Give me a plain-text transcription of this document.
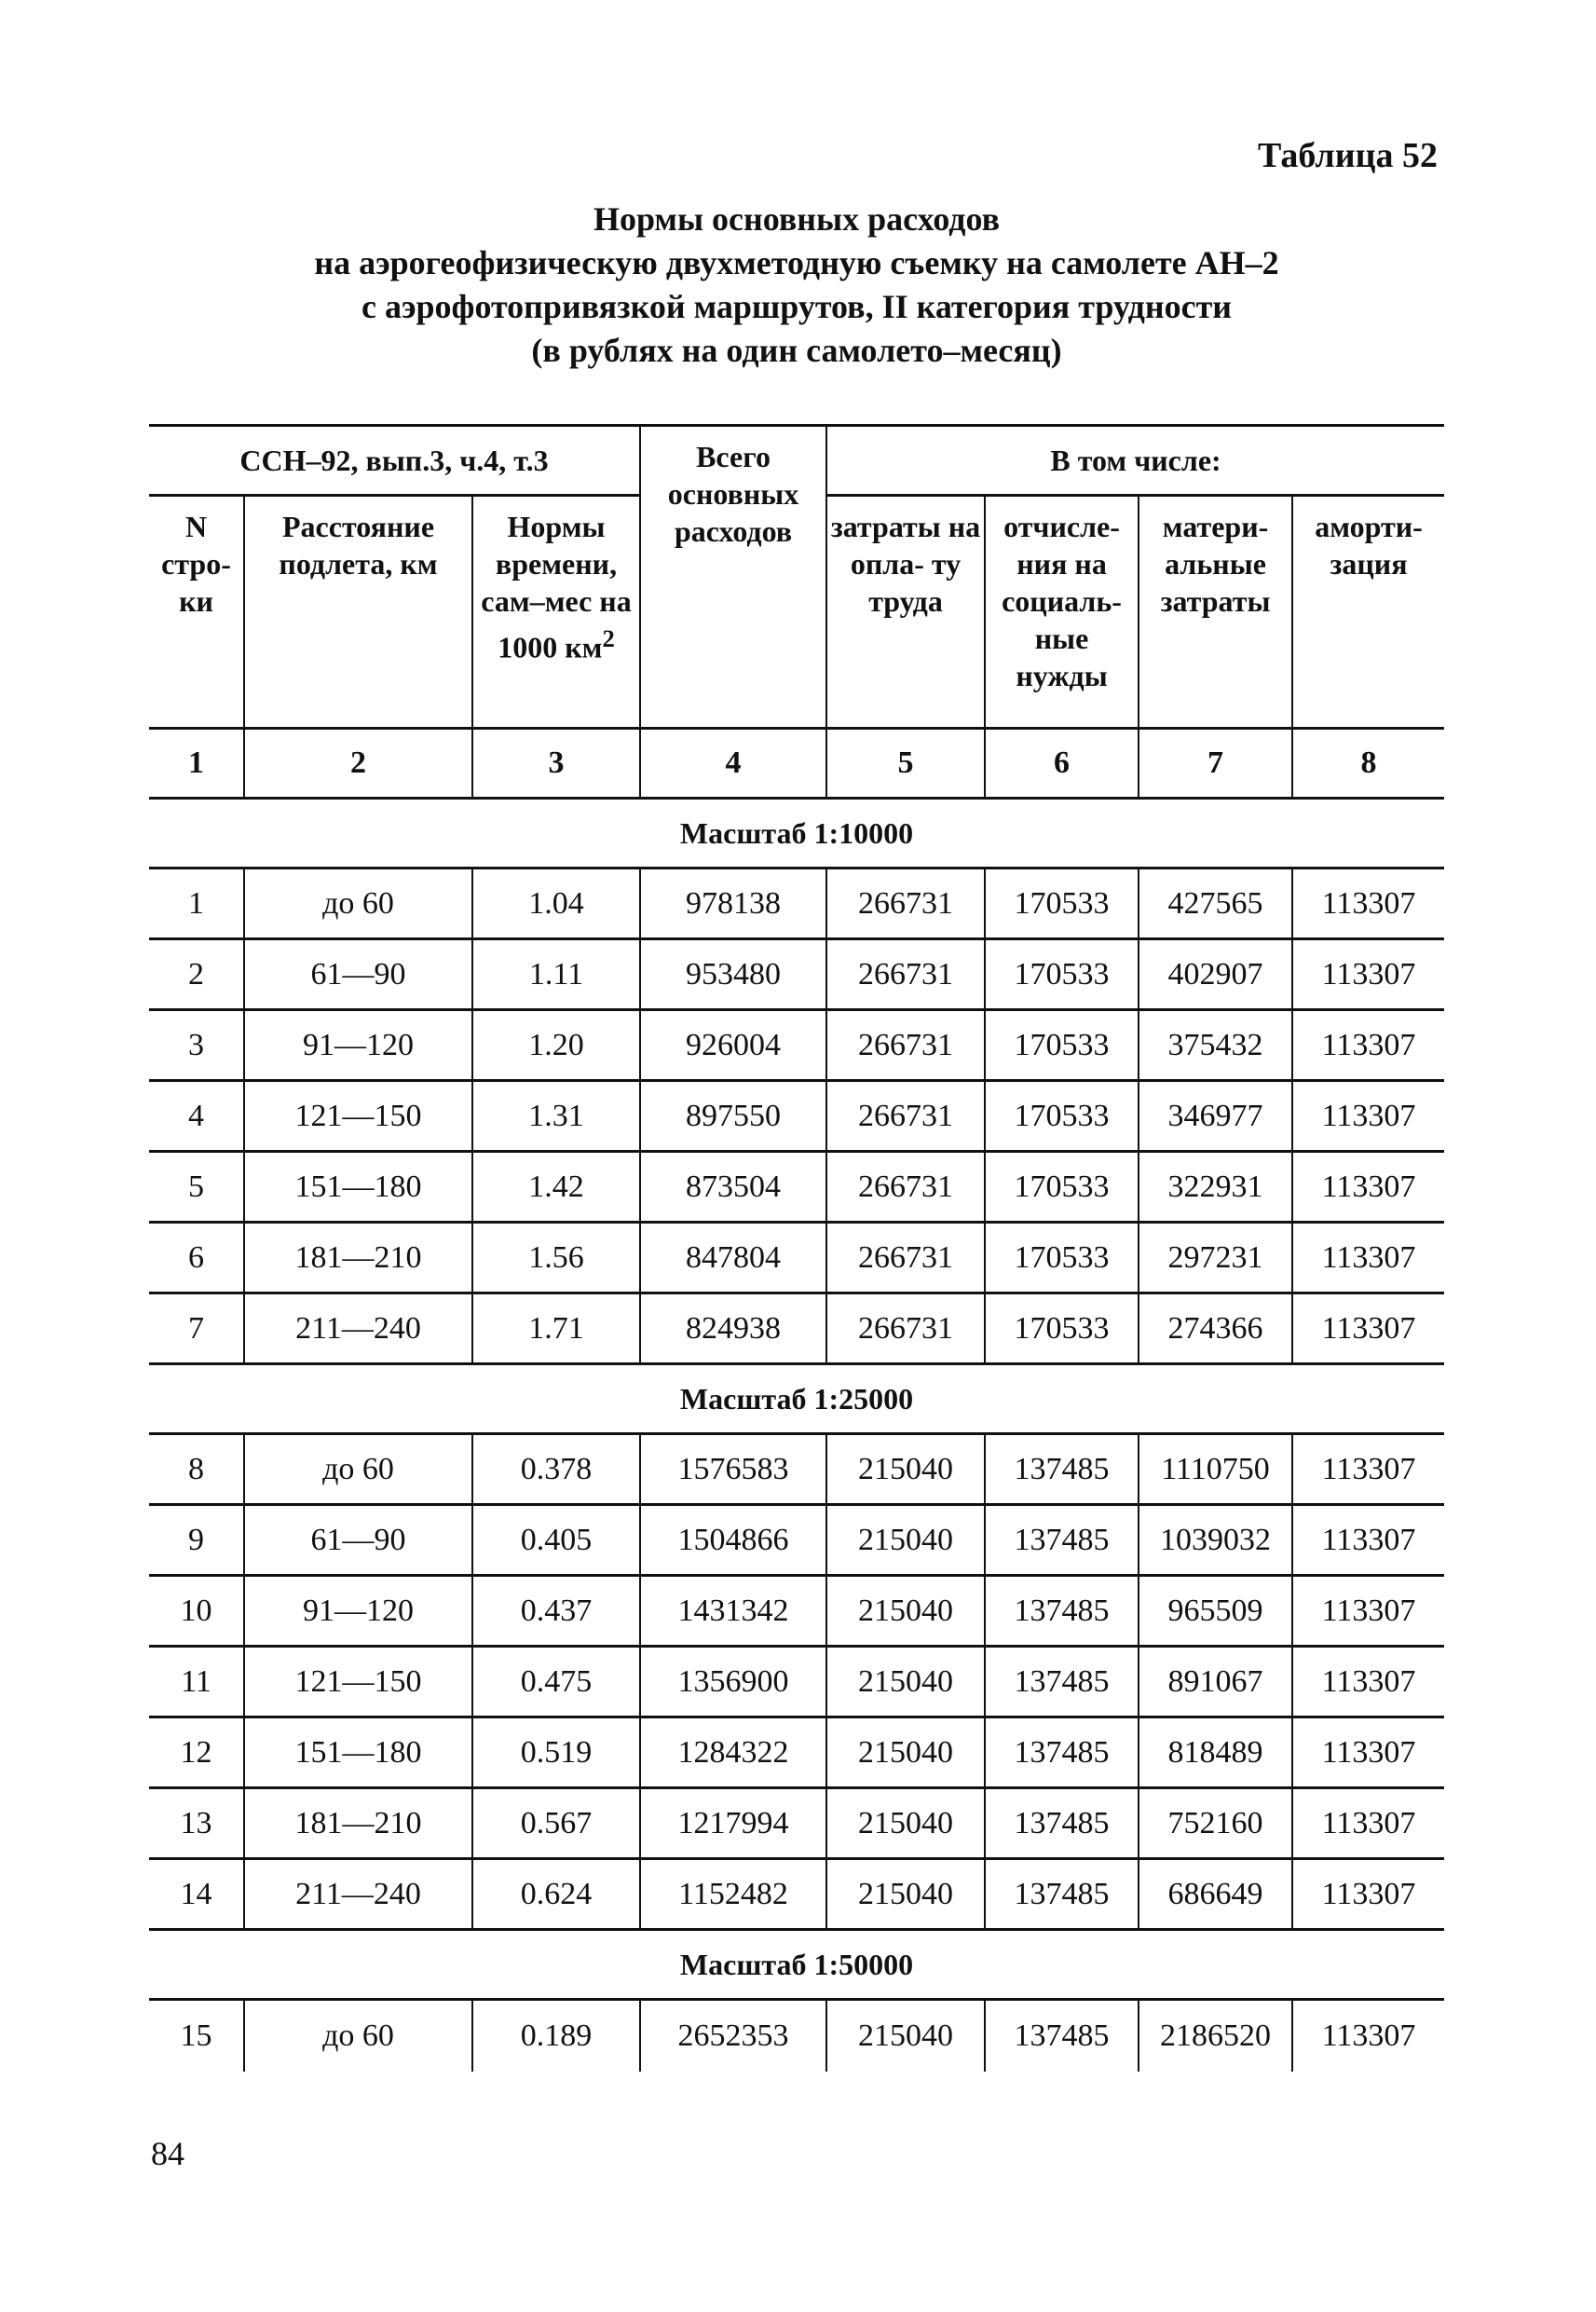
Таблица 52
Нормы основных расходов
на аэрогеофизическую двухметодную съемку на самолете АН–2
с аэрофотопривязкой маршрутов, II категория трудности
(в рублях на один самолето–месяц)
ССН–92, вып.3, ч.4, т.3			Всего основных расходов	В том числе:			
N стро- ки	Расстояние подлета, км	Нормы времени, сам–мес на 1000 $км^2$		затраты на опла- ту труда	отчисле- ния на социаль- ные нужды	матери- альные затраты	аморти- зация
1	2	3	4	5	6	7	8
Масштаб 1:10000							
1	до 60	1.04	978138	266731	170533	427565	113307
2	61—90	1.11	953480	266731	170533	402907	113307
3	91—120	1.20	926004	266731	170533	375432	113307
4	121—150	1.31	897550	266731	170533	346977	113307
5	151—180	1.42	873504	266731	170533	322931	113307
6	181—210	1.56	847804	266731	170533	297231	113307
7	211—240	1.71	824938	266731	170533	274366	113307
Масштаб 1:25000							
8	до 60	0.378	1576583	215040	137485	1110750	113307
9	61—90	0.405	1504866	215040	137485	1039032	113307
10	91—120	0.437	1431342	215040	137485	965509	113307
11	121—150	0.475	1356900	215040	137485	891067	113307
12	151—180	0.519	1284322	215040	137485	818489	113307
13	181—210	0.567	1217994	215040	137485	752160	113307
14	211—240	0.624	1152482	215040	137485	686649	113307
Масштаб 1:50000							
15	до 60	0.189	2652353	215040	137485	2186520	113307
84
